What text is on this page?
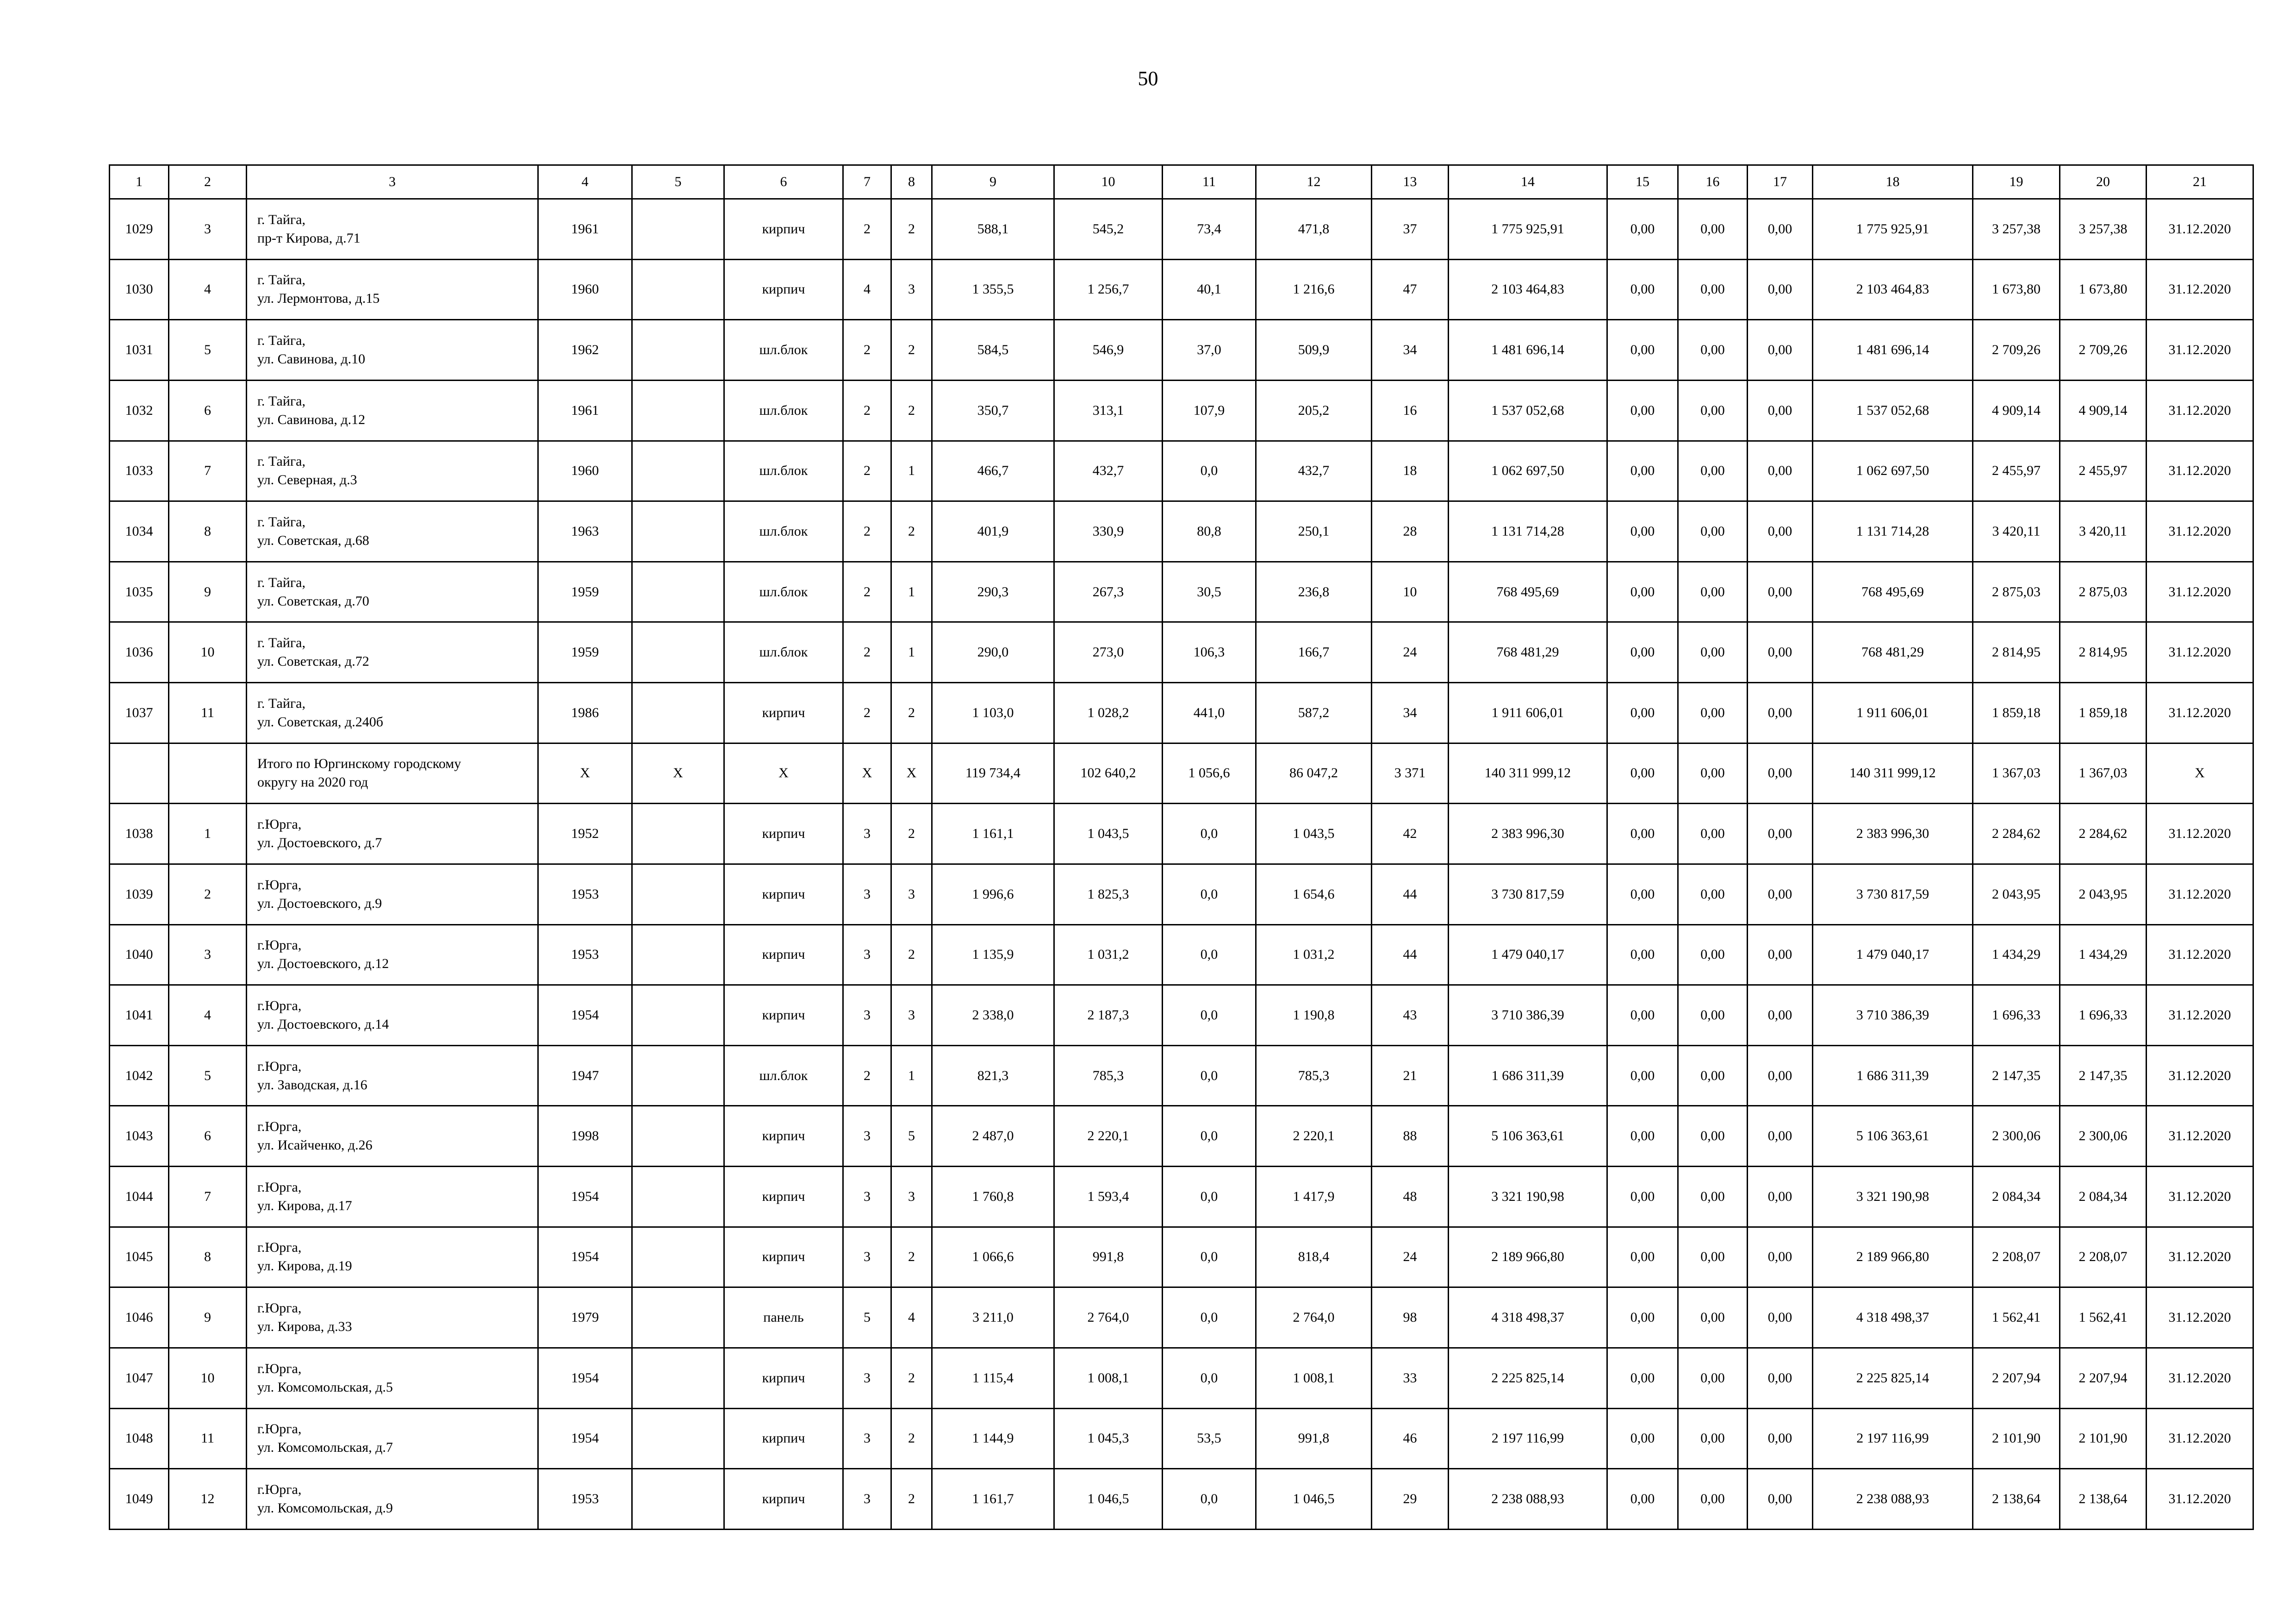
50
1	2	3	4	5	6	7	8	9	10	11	12	13	14	15	16	17	18	19	20	21
1029	3	г. Тайга,
пр-т Кирова, д.71	1961		кирпич	2	2	588,1	545,2	73,4	471,8	37	1 775 925,91	0,00	0,00	0,00	1 775 925,91	3 257,38	3 257,38	31.12.2020
1030	4	г. Тайга,
ул. Лермонтова, д.15	1960		кирпич	4	3	1 355,5	1 256,7	40,1	1 216,6	47	2 103 464,83	0,00	0,00	0,00	2 103 464,83	1 673,80	1 673,80	31.12.2020
1031	5	г. Тайга,
ул. Савинова, д.10	1962		шл.блок	2	2	584,5	546,9	37,0	509,9	34	1 481 696,14	0,00	0,00	0,00	1 481 696,14	2 709,26	2 709,26	31.12.2020
1032	6	г. Тайга,
ул. Савинова, д.12	1961		шл.блок	2	2	350,7	313,1	107,9	205,2	16	1 537 052,68	0,00	0,00	0,00	1 537 052,68	4 909,14	4 909,14	31.12.2020
1033	7	г. Тайга,
ул. Северная, д.3	1960		шл.блок	2	1	466,7	432,7	0,0	432,7	18	1 062 697,50	0,00	0,00	0,00	1 062 697,50	2 455,97	2 455,97	31.12.2020
1034	8	г. Тайга,
ул. Советская, д.68	1963		шл.блок	2	2	401,9	330,9	80,8	250,1	28	1 131 714,28	0,00	0,00	0,00	1 131 714,28	3 420,11	3 420,11	31.12.2020
1035	9	г. Тайга,
ул. Советская, д.70	1959		шл.блок	2	1	290,3	267,3	30,5	236,8	10	768 495,69	0,00	0,00	0,00	768 495,69	2 875,03	2 875,03	31.12.2020
1036	10	г. Тайга,
ул. Советская, д.72	1959		шл.блок	2	1	290,0	273,0	106,3	166,7	24	768 481,29	0,00	0,00	0,00	768 481,29	2 814,95	2 814,95	31.12.2020
1037	11	г. Тайга,
ул. Советская, д.240б	1986		кирпич	2	2	1 103,0	1 028,2	441,0	587,2	34	1 911 606,01	0,00	0,00	0,00	1 911 606,01	1 859,18	1 859,18	31.12.2020

		Итого по Юргинскому городскому
округу на 2020 год	X	X	X	X	X	119 734,4	102 640,2	1 056,6	86 047,2	3 371	140 311 999,12	0,00	0,00	0,00	140 311 999,12	1 367,03	1 367,03	X
1038	1	г.Юрга,
ул. Достоевского, д.7	1952		кирпич	3	2	1 161,1	1 043,5	0,0	1 043,5	42	2 383 996,30	0,00	0,00	0,00	2 383 996,30	2 284,62	2 284,62	31.12.2020
1039	2	г.Юрга,
ул. Достоевского, д.9	1953		кирпич	3	3	1 996,6	1 825,3	0,0	1 654,6	44	3 730 817,59	0,00	0,00	0,00	3 730 817,59	2 043,95	2 043,95	31.12.2020
1040	3	г.Юрга,
ул. Достоевского, д.12	1953		кирпич	3	2	1 135,9	1 031,2	0,0	1 031,2	44	1 479 040,17	0,00	0,00	0,00	1 479 040,17	1 434,29	1 434,29	31.12.2020
1041	4	г.Юрга,
ул. Достоевского, д.14	1954		кирпич	3	3	2 338,0	2 187,3	0,0	1 190,8	43	3 710 386,39	0,00	0,00	0,00	3 710 386,39	1 696,33	1 696,33	31.12.2020
1042	5	г.Юрга,
ул. Заводская, д.16	1947		шл.блок	2	1	821,3	785,3	0,0	785,3	21	1 686 311,39	0,00	0,00	0,00	1 686 311,39	2 147,35	2 147,35	31.12.2020
1043	6	г.Юрга,
ул. Исайченко, д.26	1998		кирпич	3	5	2 487,0	2 220,1	0,0	2 220,1	88	5 106 363,61	0,00	0,00	0,00	5 106 363,61	2 300,06	2 300,06	31.12.2020
1044	7	г.Юрга,
ул. Кирова, д.17	1954		кирпич	3	3	1 760,8	1 593,4	0,0	1 417,9	48	3 321 190,98	0,00	0,00	0,00	3 321 190,98	2 084,34	2 084,34	31.12.2020
1045	8	г.Юрга,
ул. Кирова, д.19	1954		кирпич	3	2	1 066,6	991,8	0,0	818,4	24	2 189 966,80	0,00	0,00	0,00	2 189 966,80	2 208,07	2 208,07	31.12.2020
1046	9	г.Юрга,
ул. Кирова, д.33	1979		панель	5	4	3 211,0	2 764,0	0,0	2 764,0	98	4 318 498,37	0,00	0,00	0,00	4 318 498,37	1 562,41	1 562,41	31.12.2020
1047	10	г.Юрга,
ул. Комсомольская, д.5	1954		кирпич	3	2	1 115,4	1 008,1	0,0	1 008,1	33	2 225 825,14	0,00	0,00	0,00	2 225 825,14	2 207,94	2 207,94	31.12.2020
1048	11	г.Юрга,
ул. Комсомольская, д.7	1954		кирпич	3	2	1 144,9	1 045,3	53,5	991,8	46	2 197 116,99	0,00	0,00	0,00	2 197 116,99	2 101,90	2 101,90	31.12.2020
1049	12	г.Юрга,
ул. Комсомольская, д.9	1953		кирпич	3	2	1 161,7	1 046,5	0,0	1 046,5	29	2 238 088,93	0,00	0,00	0,00	2 238 088,93	2 138,64	2 138,64	31.12.2020
